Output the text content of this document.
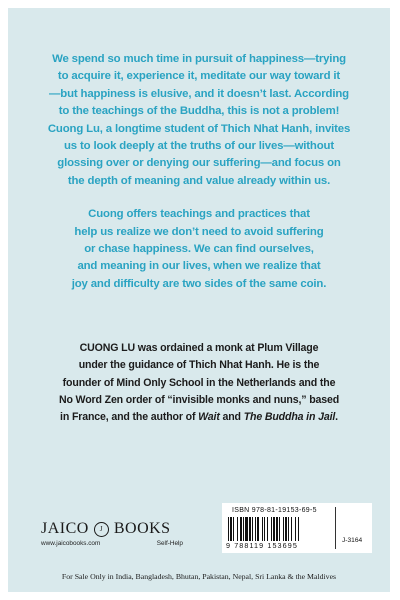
We spend so much time in pursuit of happiness—trying
to acquire it, experience it, meditate our way toward it
—but happiness is elusive, and it doesn’t last. According
to the teachings of the Buddha, this is not a problem!
Cuong Lu, a longtime student of Thich Nhat Hanh, invites
us to look deeply at the truths of our lives—without
glossing over or denying our suffering—and focus on
the depth of meaning and value already within us.

Cuong offers teachings and practices that
help us realize we don’t need to avoid suffering
or chase happiness. We can find ourselves,
and meaning in our lives, when we realize that
joy and difficulty are two sides of the same coin.

CUONG LU was ordained a monk at Plum Village
under the guidance of Thich Nhat Hanh. He is the
founder of Mind Only School in the Netherlands and the
No Word Zen order of “invisible monks and nuns,” based
in France, and the author of Wait and The Buddha in Jail.
JAICO	J BOOKS
www.jaicobooks.com	Self-Help
ISBN 978-81-19153-69-5
9 788119 153695
J-3164
For Sale Only in India, Bangladesh, Bhutan, Pakistan, Nepal, Sri Lanka & the Maldives
